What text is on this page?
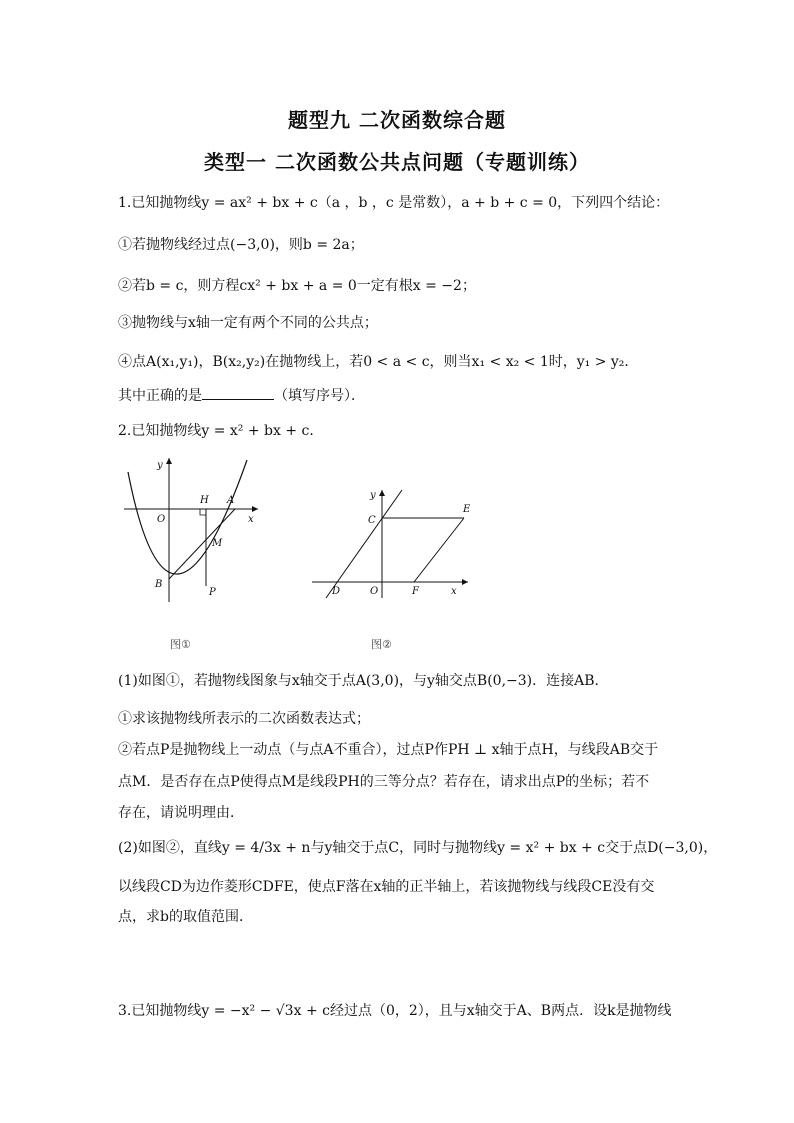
题型九 二次函数综合题
类型一 二次函数公共点问题（专题训练）
1.已知抛物线y = ax² + bx + c（a ，b ，c 是常数），a + b + c = 0，下列四个结论：
①若抛物线经过点(−3,0)，则b = 2a；
②若b = c，则方程cx² + bx + a = 0一定有根x = −2；
③抛物线与x轴一定有两个不同的公共点；
④点A(x₁,y₁)，B(x₂,y₂)在抛物线上，若0 < a < c，则当x₁ < x₂ < 1时，y₁ > y₂．
其中正确的是	（填写序号）．
2.已知抛物线y = x² + bx + c．
y
x
O
H A
M
B
P
图①
y
x
C
E
D	O	F
图②
(1)如图①，若抛物线图象与x轴交于点A(3,0)，与y轴交点B(0,−3)．连接AB．
①求该抛物线所表示的二次函数表达式；
②若点P是抛物线上一动点（与点A不重合），过点P作PH ⊥ x轴于点H，与线段AB交于
点M．是否存在点P使得点M是线段PH的三等分点？若存在，请求出点P的坐标；若不
存在，请说明理由．
(2)如图②，直线y = 4/3x + n与y轴交于点C，同时与抛物线y = x² + bx + c交于点D(−3,0)，
以线段CD为边作菱形CDFE，使点F落在x轴的正半轴上，若该抛物线与线段CE没有交
点，求b的取值范围．
3.已知抛物线y = −x² − √3x + c经过点（0，2），且与x轴交于A、B两点．设k是抛物线
